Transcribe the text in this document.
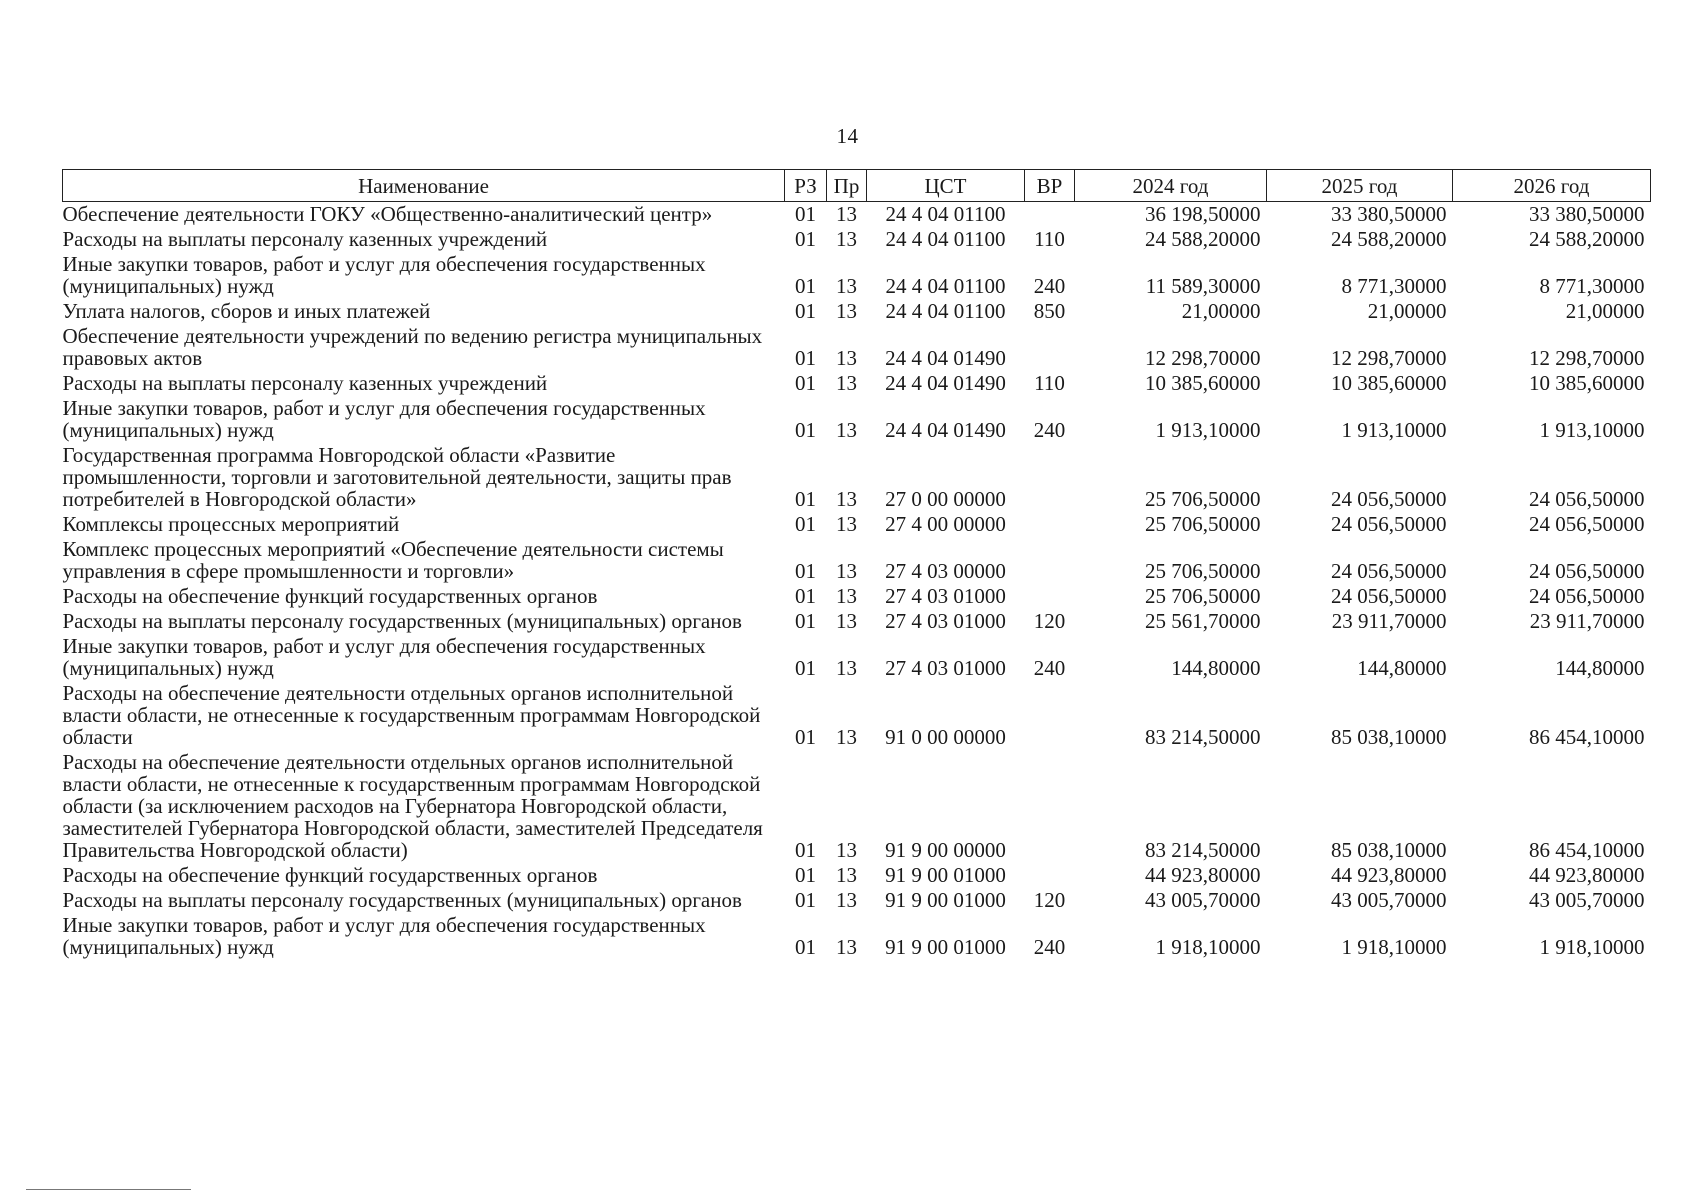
14
Наименование	РЗ	Пр	ЦСТ	ВР	2024 год	2025 год	2026 год
Обеспечение деятельности ГОКУ «Общественно-аналитический центр»	01	13	24 4 04 01100		36 198,50000	33 380,50000	33 380,50000
Расходы на выплаты персоналу казенных учреждений	01	13	24 4 04 01100	110	24 588,20000	24 588,20000	24 588,20000
Иные закупки товаров, работ и услуг для обеспечения государственных (муниципальных) нужд	01	13	24 4 04 01100	240	11 589,30000	8 771,30000	8 771,30000
Уплата налогов, сборов и иных платежей	01	13	24 4 04 01100	850	21,00000	21,00000	21,00000
Обеспечение деятельности учреждений по ведению регистра муниципальных правовых актов	01	13	24 4 04 01490		12 298,70000	12 298,70000	12 298,70000
Расходы на выплаты персоналу казенных учреждений	01	13	24 4 04 01490	110	10 385,60000	10 385,60000	10 385,60000
Иные закупки товаров, работ и услуг для обеспечения государственных (муниципальных) нужд	01	13	24 4 04 01490	240	1 913,10000	1 913,10000	1 913,10000
Государственная программа Новгородской области «Развитие промышленности, торговли и заготовительной деятельности, защиты прав потребителей в Новгородской области»	01	13	27 0 00 00000		25 706,50000	24 056,50000	24 056,50000
Комплексы процессных мероприятий	01	13	27 4 00 00000		25 706,50000	24 056,50000	24 056,50000
Комплекс процессных мероприятий «Обеспечение деятельности системы управления в сфере промышленности и торговли»	01	13	27 4 03 00000		25 706,50000	24 056,50000	24 056,50000
Расходы на обеспечение функций государственных органов	01	13	27 4 03 01000		25 706,50000	24 056,50000	24 056,50000
Расходы на выплаты персоналу государственных (муниципальных) органов	01	13	27 4 03 01000	120	25 561,70000	23 911,70000	23 911,70000
Иные закупки товаров, работ и услуг для обеспечения государственных (муниципальных) нужд	01	13	27 4 03 01000	240	144,80000	144,80000	144,80000
Расходы на обеспечение деятельности отдельных органов исполнительной власти области, не отнесенные к государственным программам Новгородской области	01	13	91 0 00 00000		83 214,50000	85 038,10000	86 454,10000
Расходы на обеспечение деятельности отдельных органов исполнительной власти области, не отнесенные к государственным программам Новгородской области (за исключением расходов на Губернатора Новгородской области, заместителей Губернатора Новгородской области, заместителей Председателя Правительства Новгородской области)	01	13	91 9 00 00000		83 214,50000	85 038,10000	86 454,10000
Расходы на обеспечение функций государственных органов	01	13	91 9 00 01000		44 923,80000	44 923,80000	44 923,80000
Расходы на выплаты персоналу государственных (муниципальных) органов	01	13	91 9 00 01000	120	43 005,70000	43 005,70000	43 005,70000
Иные закупки товаров, работ и услуг для обеспечения государственных (муниципальных) нужд	01	13	91 9 00 01000	240	1 918,10000	1 918,10000	1 918,10000
